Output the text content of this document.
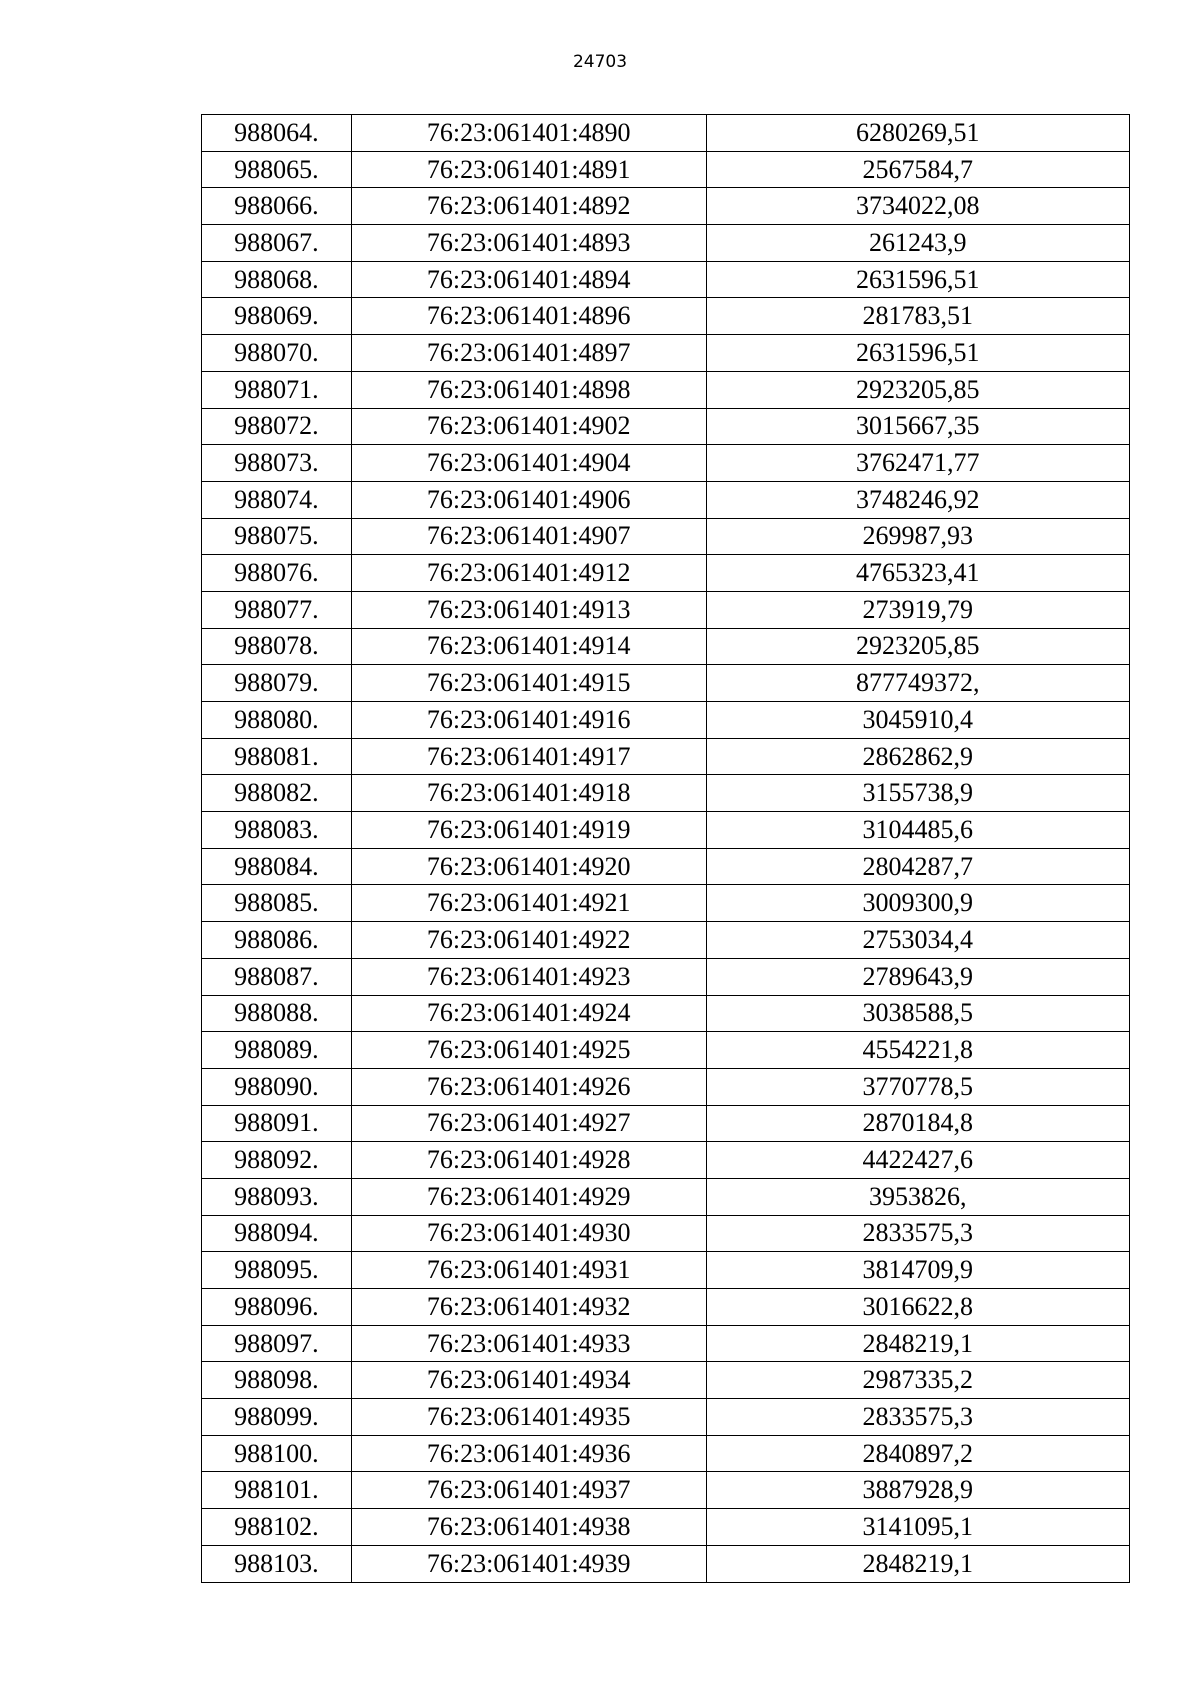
24703
988064.	76:23:061401:4890	6280269,51
988065.	76:23:061401:4891	2567584,7
988066.	76:23:061401:4892	3734022,08
988067.	76:23:061401:4893	261243,9
988068.	76:23:061401:4894	2631596,51
988069.	76:23:061401:4896	281783,51
988070.	76:23:061401:4897	2631596,51
988071.	76:23:061401:4898	2923205,85
988072.	76:23:061401:4902	3015667,35
988073.	76:23:061401:4904	3762471,77
988074.	76:23:061401:4906	3748246,92
988075.	76:23:061401:4907	269987,93
988076.	76:23:061401:4912	4765323,41
988077.	76:23:061401:4913	273919,79
988078.	76:23:061401:4914	2923205,85
988079.	76:23:061401:4915	877749372,
988080.	76:23:061401:4916	3045910,4
988081.	76:23:061401:4917	2862862,9
988082.	76:23:061401:4918	3155738,9
988083.	76:23:061401:4919	3104485,6
988084.	76:23:061401:4920	2804287,7
988085.	76:23:061401:4921	3009300,9
988086.	76:23:061401:4922	2753034,4
988087.	76:23:061401:4923	2789643,9
988088.	76:23:061401:4924	3038588,5
988089.	76:23:061401:4925	4554221,8
988090.	76:23:061401:4926	3770778,5
988091.	76:23:061401:4927	2870184,8
988092.	76:23:061401:4928	4422427,6
988093.	76:23:061401:4929	3953826,
988094.	76:23:061401:4930	2833575,3
988095.	76:23:061401:4931	3814709,9
988096.	76:23:061401:4932	3016622,8
988097.	76:23:061401:4933	2848219,1
988098.	76:23:061401:4934	2987335,2
988099.	76:23:061401:4935	2833575,3
988100.	76:23:061401:4936	2840897,2
988101.	76:23:061401:4937	3887928,9
988102.	76:23:061401:4938	3141095,1
988103.	76:23:061401:4939	2848219,1
